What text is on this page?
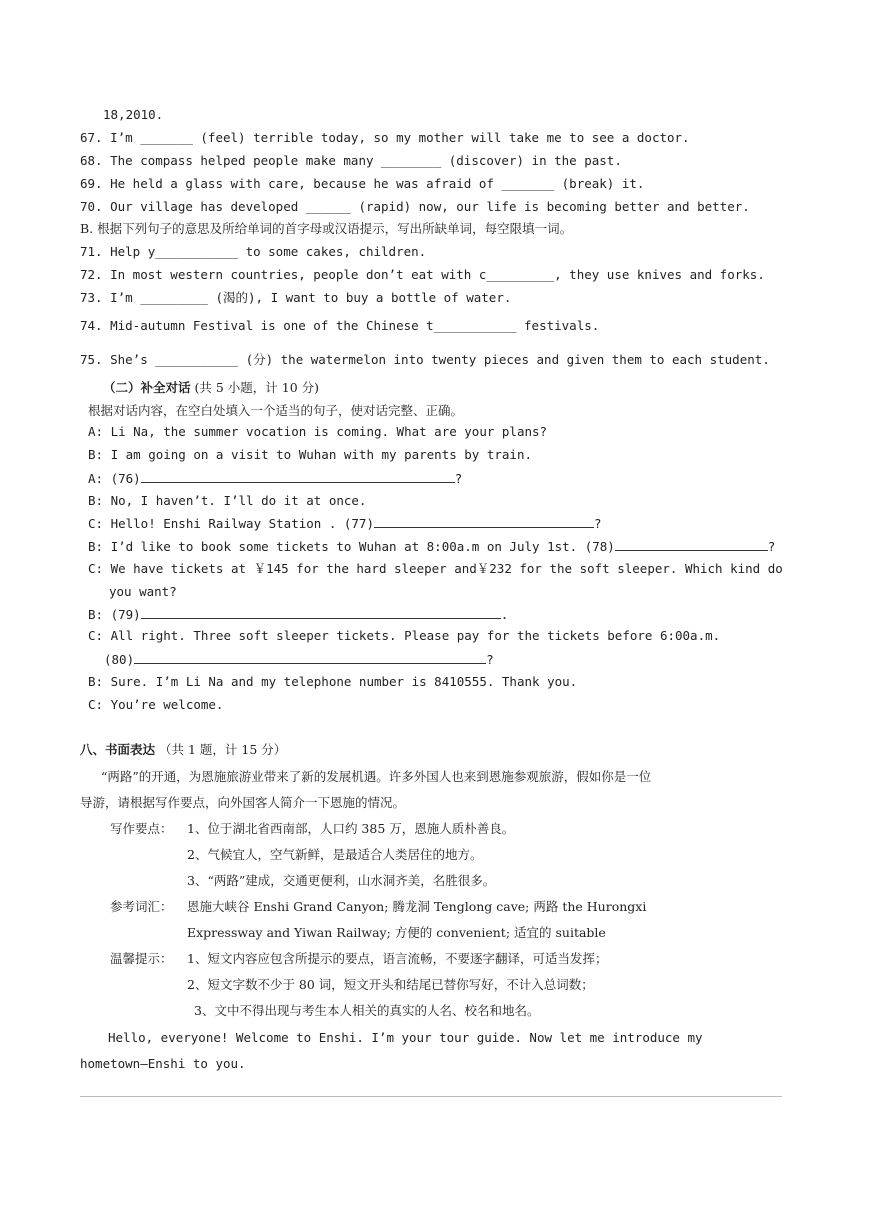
18,2010.
67. I’m _______ (feel) terrible today, so my mother will take me to see a doctor.
68. The compass helped people make many ________ (discover) in the past.
69. He held a glass with care, because he was afraid of _______ (break) it.
70. Our village has developed ______ (rapid) now, our life is becoming better and better.
B. 根据下列句子的意思及所给单词的首字母或汉语提示，写出所缺单词，每空限填一词。
71. Help y___________ to some cakes, children.
72. In most western countries, people don’t eat with c_________, they use knives and forks.
73. I’m _________ (渴的), I want to buy a bottle of water.
74. Mid-autumn Festival is one of the Chinese t___________ festivals.
75. She’s ___________ (分) the watermelon into twenty pieces and given them to each student.
（二）补全对话 (共 5 小题，计 10 分)
根据对话内容，在空白处填入一个适当的句子，使对话完整、正确。
A: Li Na, the summer vocation is coming. What are your plans?
B: I am going on a visit to Wuhan with my parents by train.
A: (76)	?
B: No, I haven’t. I’ll do it at once.
C: Hello! Enshi Railway Station . (77)	?
B: I’d like to book some tickets to Wuhan at 8:00a.m on July 1st. (78)	?
C: We have tickets at ￥145 for the hard sleeper and￥232 for the soft sleeper. Which kind do
you want?
B: (79)	.
C: All right. Three soft sleeper tickets. Please pay for the tickets before 6:00a.m.
(80)	?
B: Sure. I’m Li Na and my telephone number is 8410555. Thank you.
C: You’re welcome.
八、书面表达 （共 1 题，计 15 分）
“两路”的开通，为恩施旅游业带来了新的发展机遇。许多外国人也来到恩施参观旅游，假如你是一位
导游，请根据写作要点，向外国客人简介一下恩施的情况。
写作要点： 1、位于湖北省西南部，人口约 385 万，恩施人质朴善良。
2、气候宜人，空气新鲜，是最适合人类居住的地方。
3、“两路”建成，交通更便利，山水洞齐美，名胜很多。
参考词汇： 恩施大峡谷 Enshi Grand Canyon; 腾龙洞 Tenglong cave; 两路 the Hurongxi
Expressway and Yiwan Railway; 方便的 convenient; 适宜的 suitable
温馨提示： 1、短文内容应包含所提示的要点，语言流畅，不要逐字翻译，可适当发挥；
2、短文字数不少于 80 词，短文开头和结尾已替你写好，不计入总词数；
3、文中不得出现与考生本人相关的真实的人名、校名和地名。
Hello, everyone! Welcome to Enshi. I’m your tour guide. Now let me introduce my
hometown—Enshi to you.
